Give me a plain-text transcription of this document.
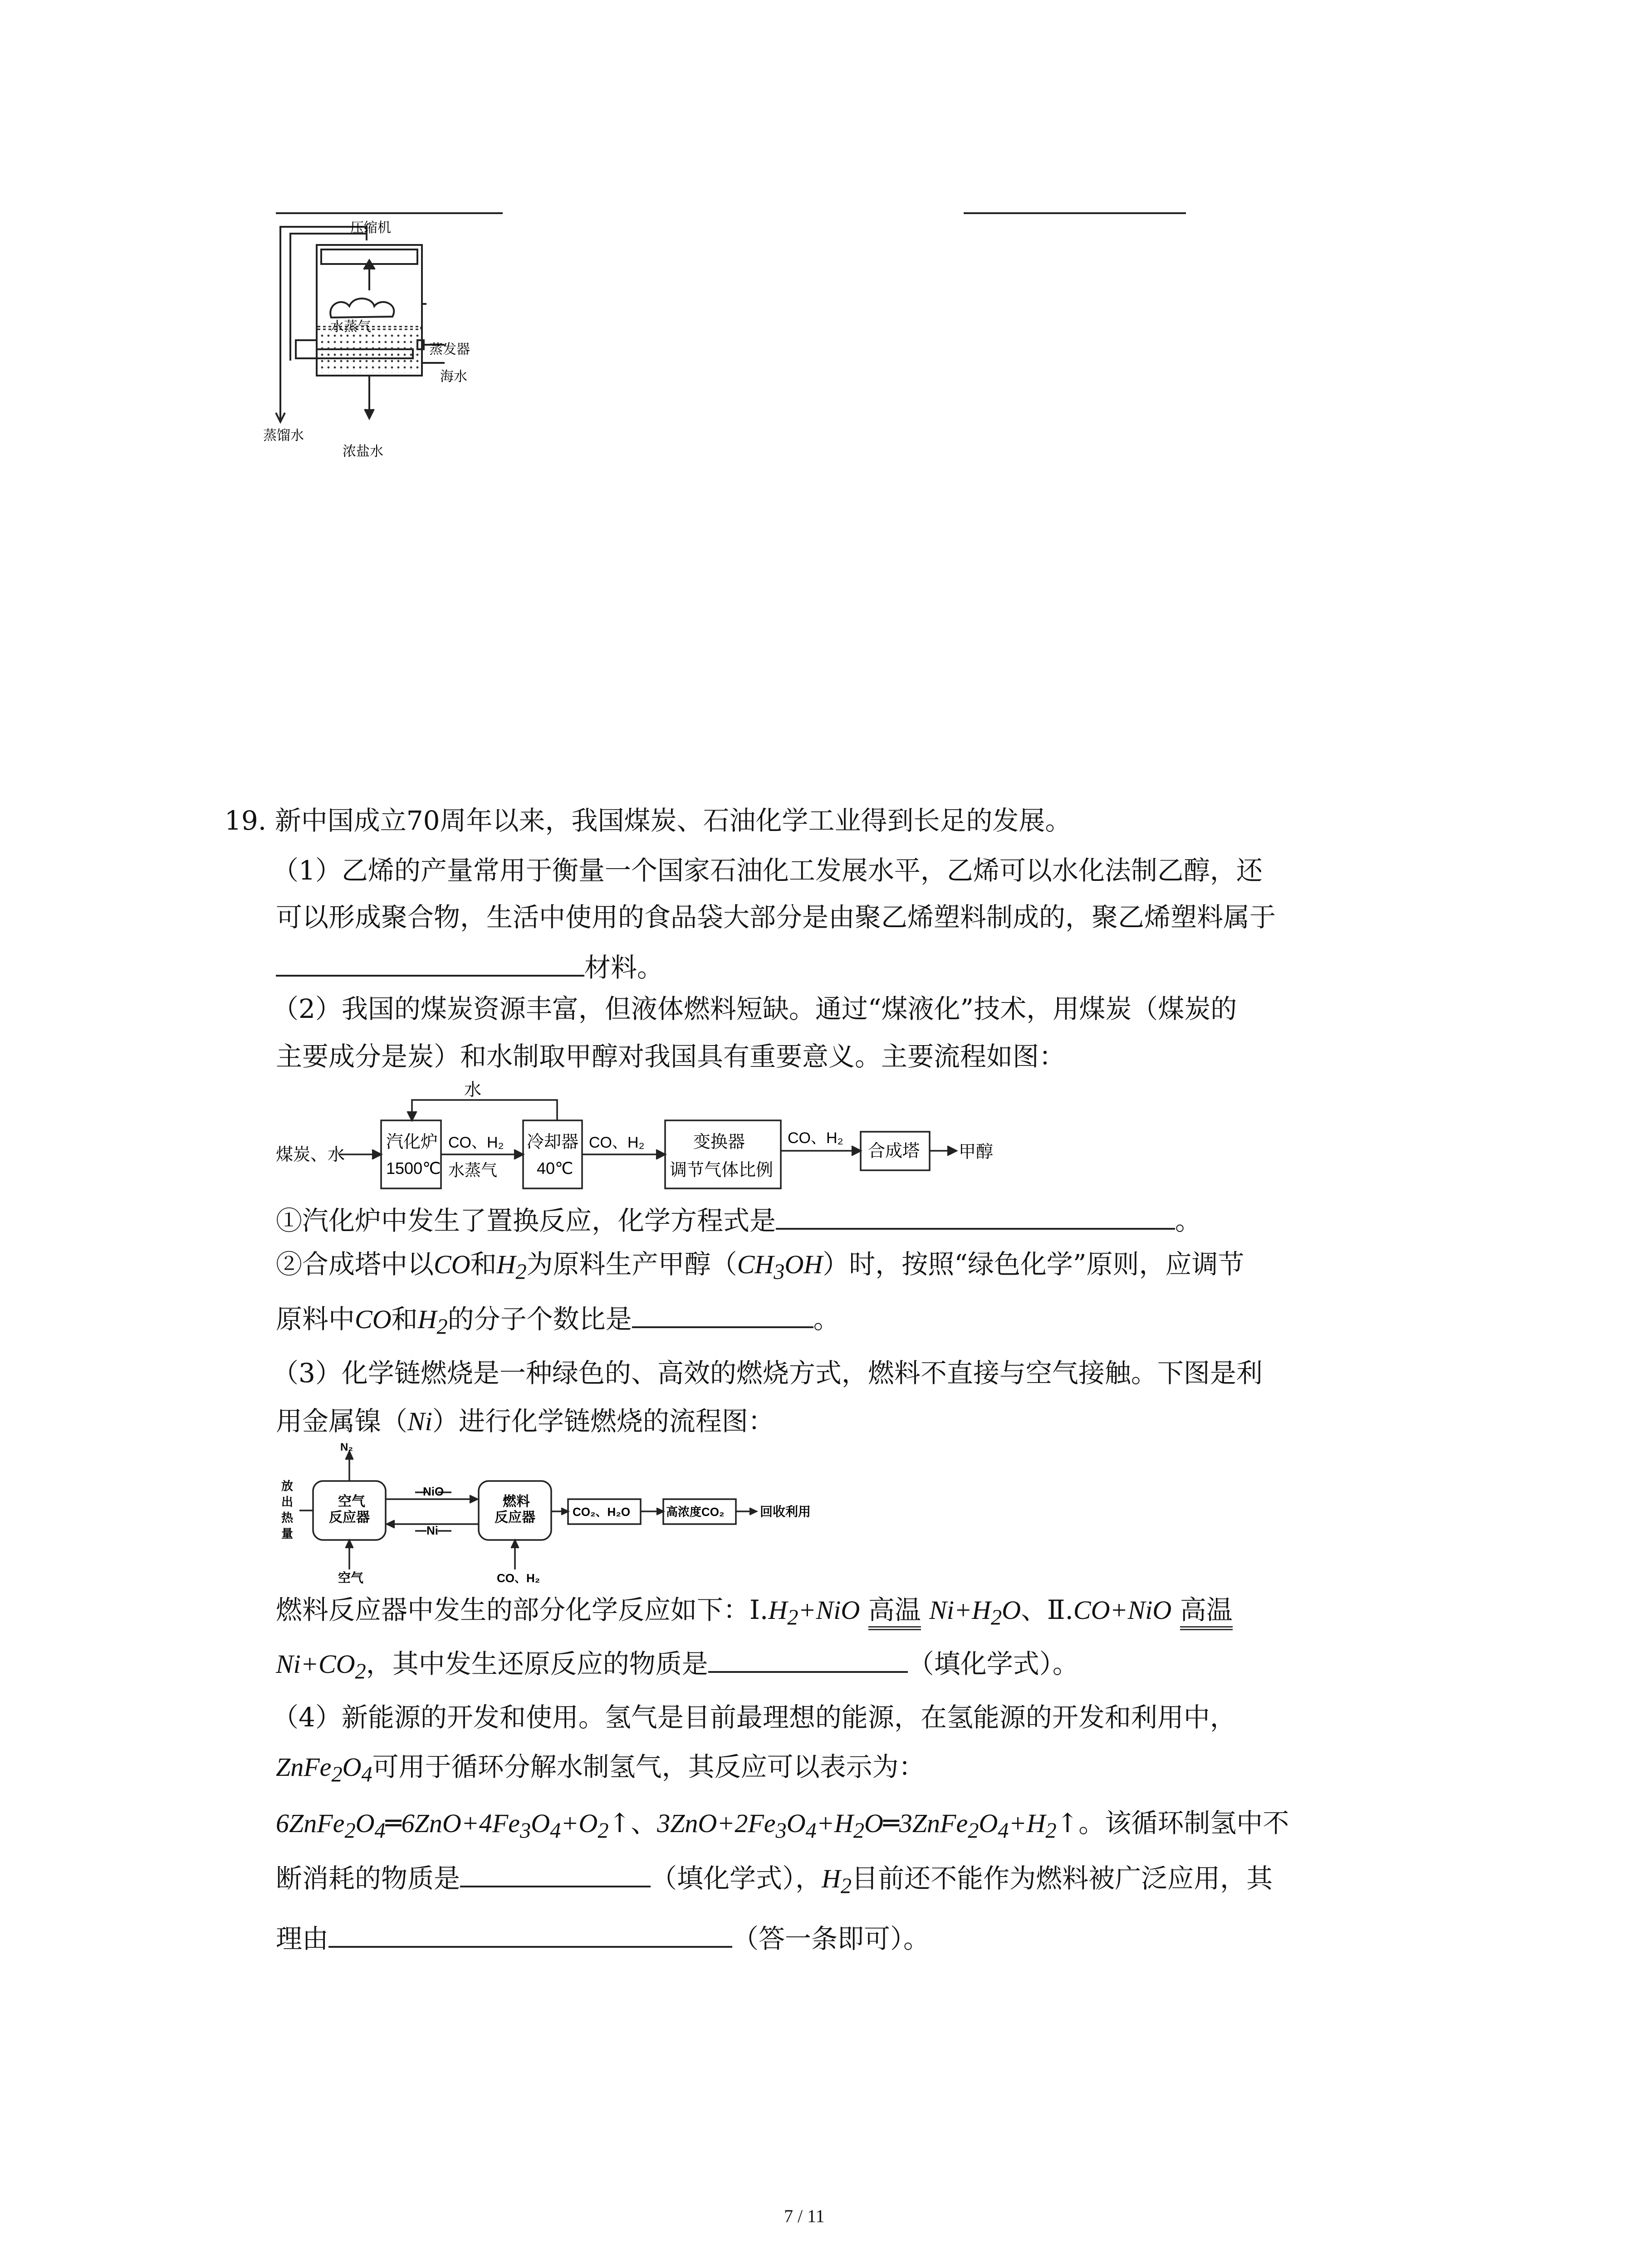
压缩机
水蒸气
蒸发器
海水
蒸馏水
浓盐水
19. 新中国成立70周年以来，我国煤炭、石油化学工业得到长足的发展。
（1）乙烯的产量常用于衡量一个国家石油化工发展水平，乙烯可以水化法制乙醇，还
可以形成聚合物，生活中使用的食品袋大部分是由聚乙烯塑料制成的，聚乙烯塑料属于
材料。
（2）我国的煤炭资源丰富，但液体燃料短缺。通过“煤液化”技术，用煤炭（煤炭的
主要成分是炭）和水制取甲醇对我国具有重要意义。主要流程如图：
水
煤炭、水
汽化炉
1500℃
CO、H₂
水蒸气
冷却器
40℃
CO、H₂	变换器
调节气体比例
CO、H₂
合成塔 甲醇
①汽化炉中发生了置换反应，化学方程式是	。
②合成塔中以CO和$H_2$为原料生产甲醇$(CH_3OH)$时，按照“绿色化学”原则，应调节
原料中CO和$H_2$的分子个数比是	。
（3）化学链燃烧是一种绿色的、高效的燃烧方式，燃料不直接与空气接触。下图是利
用金属镍（Ni）进行化学链燃烧的流程图：
N₂
放
出
热
量
空气
反应器
NiO
Ni
燃料
反应器	CO₂、H₂O	高浓度CO₂	回收利用
空气	CO、H₂
燃料反应器中发生的部分化学反应如下：$Ⅰ.H_2+NiO$ 高温 $Ni+H_2O$、Ⅱ.CO+NiO 高温
$Ni+CO_2$，其中发生还原反应的物质是	（填化学式）。
（4）新能源的开发和使用。氢气是目前最理想的能源，在氢能源的开发和利用中，
$ZnFe_2O_4$可用于循环分解水制氢气，其反应可以表示为：
$6ZnFe_2O_4═6ZnO+4Fe_3O_4+O_2↑$、$3ZnO+2Fe_3O_4+H_2O═3ZnFe_2O_4+H_2↑$。该循环制氢中不
断消耗的物质是	（填化学式），$H_2$目前还不能作为燃料被广泛应用，其
理由	（答一条即可）。
7 / 11
